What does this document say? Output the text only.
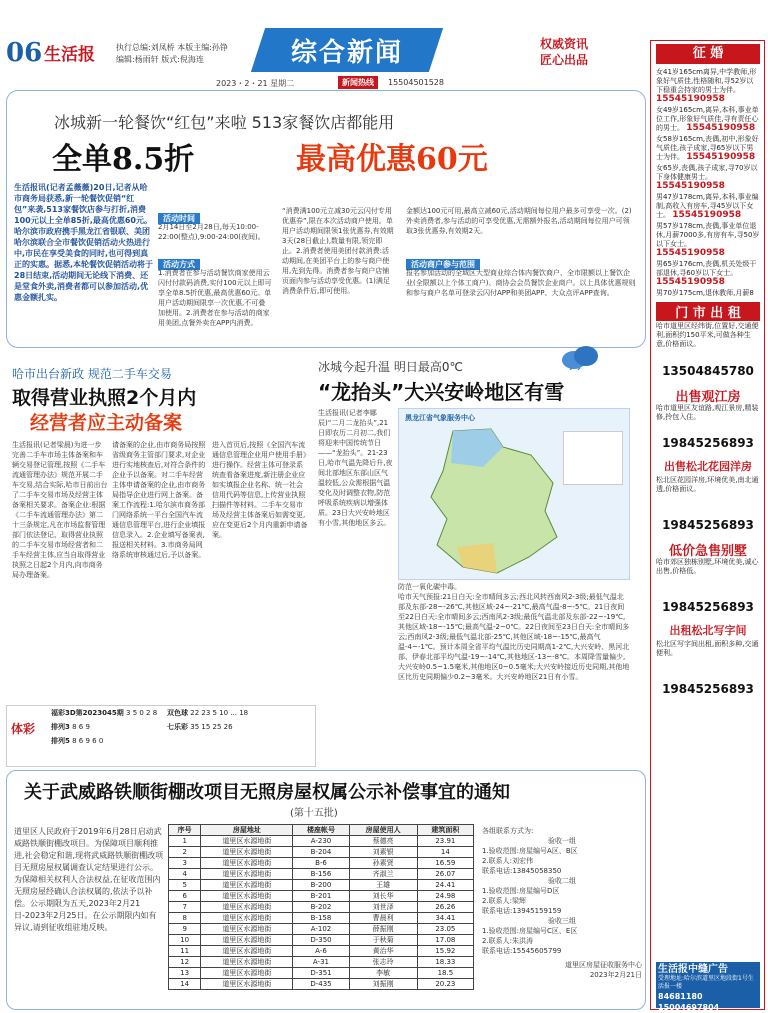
06 生活报	执行总编:刘凤桥 本版主编:孙铮
编辑:杨雨轩 版式:倪海连	综合新闻	权威资讯
匠心出品
2023・2・21 星期二	新闻热线	15504501528
冰城新一轮餐饮“红包”来啦 513家餐饮店都能用
全单8.5折	最高优惠60元
生活报讯(记者孟薇薇)20日,记者从哈市商务局获悉,新一轮餐饮促销“红包”来袭,513家餐饮店参与打折,消费100元以上全单85折,最高优惠60元。哈尔滨市政府携手黑龙江省银联、美团哈尔滨联合全市餐饮促销活动火热进行中,市民在享受美食的同时,也可得到真正的实惠。据悉,本轮餐饮促销活动将于28日结束,活动期间无论线下消费、还是堂食外卖,消费者都可以参加活动,优惠金额扎实。
活动时间
2月14日至2月28日,每天10:00-22:00(整点),9:00-24:00(夜间)。
活动方式
1.消费者在参与活动餐饮商家使用云闪付付款码消费,实付100元以上即可享全单8.5折优惠,最高优惠60元。单用户活动期间限享一次优惠,不可叠加使用。2.消费者在参与活动的商家用美团,点餐外卖在APP内消费。
“消费满100元立减30元云闪付专用优惠券”,限在本次活动商户使用。单用户活动期间限领1张优惠券,有效期3天(28日截止),数量有限,领完即止。2.消费者使用美团付款消费:活动期间,在美团平台上的参与商户使用,先到先得。消费者参与商户店铺页面内参与活动享受优惠。(1)满足消费条件后,即可使用。
金额达100元可用,最高立减60元,活动期间每位用户最多可享受一次。(2)外卖消费者,参与活动的可享受优惠,无需额外报名,活动期间每位用户可领取3张优惠券,有效期2天。
活动商户参与范围
报名参加活动的全域区大型商业综合体内餐饮商户、全市限额以上餐饮企业(全限额以上个体工商户)、商协会会员餐饮企业商户。以上具体优惠规则和参与商户名单可登录云闪付APP和美团APP、大众点评APP查询。
哈市出台新政 规范二手车交易
取得营业执照2个月内
经营者应主动备案
生活报讯(记者梁晨)为进一步完善二手车市场主体备案和车辆交易登记管理,按照《二手车流通管理办法》规范开展二手车交易,结合实际,哈市日前出台了二手车交易市场及经营主体备案相关要求。备案企业:根据《二手车流通管理办法》第二十三条规定,凡在市场监督管理部门依法登记、取得营业执照的二手车交易市场经营者和二手车经营主体,应当自取得营业执照之日起2个月内,向市商务局办理备案。
请备案的企业,由市商务局按照省级商务主管部门要求,对企业进行实地核查后,对符合条件的企业予以备案。对二手车经营主体申请备案的企业,由市商务局指导企业进行网上备案。备案工作流程:1.哈尔滨市商务部门网络系统一平台全国汽车流通信息管理平台,进行企业填报信息录入。2.企业填写备案表,报送相关材料。3.市商务局网络系统审核通过后,予以备案。
进入首页后,按照《全国汽车流通信息管理企业用户使用手册》进行操作。经营主体可登录系统查看备案进度,新注册企业应如实填报企业名称、统一社会信用代码等信息,上传营业执照扫描件等材料。二手车交易市场及经营主体备案后如需变更,应在变更后2个月内重新申请备案。
冰城今起升温 明日最高0℃
“龙抬头”大兴安岭地区有雪
生活报讯(记者李娜辰)“二月二龙抬头”,21日即农历二月初二,我们将迎来中国传统节日——“龙抬头”。21-23日,哈市气温先降后升,夜间北部地区东部山区气温较低,公众需根据气温变化及时调整衣物,防范呼吸系统疾病以增强体质。23日大兴安岭地区有小雪,其他地区多云。
黑龙江省气象服务中心
防范一氧化碳中毒。
哈市天气预报:21日白天:全市晴间多云;西北风转西南风2-3级;最低气温北部及东部-28~-26℃,其他区域-24~-21℃,最高气温-8~-5℃。21日夜间至22日白天:全市晴间多云;西南风2-3级;最低气温北部及东部-22~-19℃,其他区域-18~-15℃;最高气温-2~0℃。22日夜间至23日白天:全市晴间多云;西南风2-3级;最低气温北部-25℃,其他区域-18~-15℃,最高气温-4~-1℃。预计本周全省平均气温比历史同期高1-2℃,大兴安岭、黑河北部、伊春北部平均气温-19~-14℃,其他地区-13~-8℃。本周降雪量偏少,大兴安岭0.5~1.5毫米,其他地区0~0.5毫米;大兴安岭接近历史同期,其他地区比历史同期偏少0.2~3毫米。大兴安岭地区21日有小雪。
体彩
福彩3D第2023045期 3 5 0 2 8
排列3 8 6 9
排列5 8 6 9 6 0
双色球 22 23 5 10 ... 18
七乐彩 35 15 25 26
关于武威路铁顺街棚改项目无照房屋权属公示补偿事宜的通知
(第十五批)
道里区人民政府于2019年6月28日启动武威路铁顺街棚改项目。为保障项目顺利推进,社会稳定和谐,现将武威路铁顺街棚改项目无照房屋权属调查认定结果进行公示。为保障相关权利人合法权益,在征收范围内无照房屋经确认合法权属的,依法予以补偿。公示期限为五天,2023年2月21日-2023年2月25日。在公示期限内如有异议,请到征收组驻地反映。
序号	房屋地址	楼座帐号	房屋使用人	建筑面积
1	道里区水源地街	A-230	蔡德亮	23.91
2	道里区水源地街	B-204	刘素银	14
3	道里区水源地街	B-6	孙素贤	16.59
4	道里区水源地街	B-156	齐淑兰	26.07
5	道里区水源地街	B-200	王雄	24.41
6	道里区水源地街	B-201	刘长华	24.98
7	道里区水源地街	B-202	刘世泽	26.26
8	道里区水源地街	B-158	曹晨利	34.41
9	道里区水源地街	A-102	薛振刚	23.05
10	道里区水源地街	D-350	于秋菊	17.08
11	道里区水源地街	A-6	黄治华	15.92
12	道里区水源地街	A-31	张志玲	18.33
13	道里区水源地街	D-351	李敏	18.5
14	道里区水源地街	D-435	刘振刚	20.23
各组联系方式为:
验收一组
1.验收范围:房屋编号A区、B区
2.联系人:刘宏伟
联系电话:13845058350
验收二组
1.验收范围:房屋编号D区
2.联系人:梁辉
联系电话:13945159159
验收三组
1.验收范围:房屋编号C区、E区
2.联系人:朱洪涛
联系电话:15545605799
道里区房屋征收服务中心
2023年2月21日
征 婚
女41岁165cm离异,中学教师,形象好气质佳,性格随和,寻52岁以下稳重会持家的男士为伴。 15545190958
女49岁165cm,离异,本科,事业单位工作,形象好气质佳,寻有责任心的男士。 15545190958
女58岁165cm,丧偶,初中,形象好气质佳,孩子成家,寻65岁以下男士为伴。 15545190958
女65岁,丧偶,孩子成家,寻70岁以下身体健康男士。 15545190958
男47岁178cm,离异,本科,事业编制,高收入有房车,寻45岁以下女士。 15545190958
男57岁178cm,丧偶,事业单位退休,月薪7000多,有房有车,寻50岁以下女士。 15545190958
男65岁176cm,丧偶,机关处级干部退休,寻60岁以下女士。 15545190958
男70岁175cm,退休教师,月薪8
门 市 出 租
哈市道里区经纬街,位置好,交通便利,面积约150平米,可做各种生意,价格面议。
13504845780
出售观江房
哈市道里区友谊路,观江景房,精装修,拎包入住。
19845256893
出售松北花园洋房
松北区花园洋房,环境优美,南北通透,价格面议。
19845256893
低价急售别墅
哈市郊区独栋别墅,环境优美,诚心出售,价格低。
19845256893
出租松北写字间
松北区写字间出租,面积多种,交通便利。
19845256893
生活报中缝广告
受理地址:哈尔滨道里区地段街1号生活报一楼
84681180
15004697804
